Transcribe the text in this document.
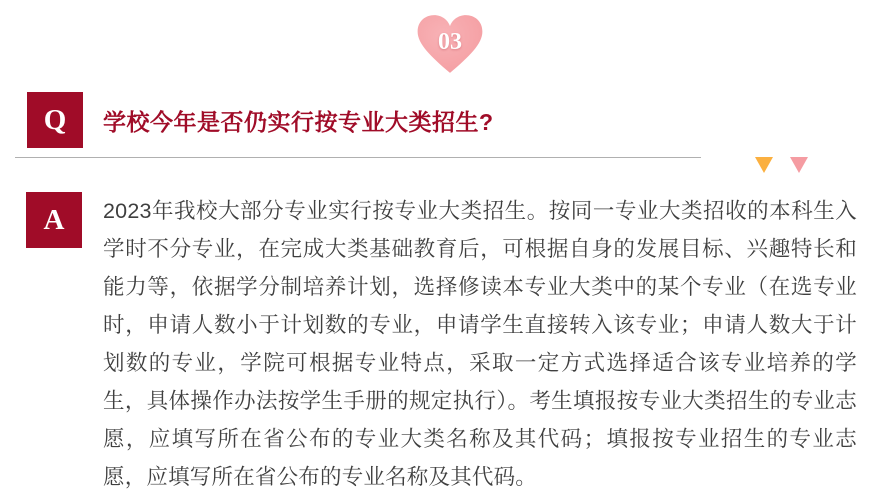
03
Q 学校今年是否仍实行按专业大类招生?
A 2023年我校大部分专业实行按专业大类招生。按同一专业大类招收的本科生入学时不分专业，在完成大类基础教育后，可根据自身的发展目标、兴趣特长和能力等，依据学分制培养计划，选择修读本专业大类中的某个专业（在选专业时，申请人数小于计划数的专业，申请学生直接转入该专业；申请人数大于计划数的专业，学院可根据专业特点，采取一定方式选择适合该专业培养的学生，具体操作办法按学生手册的规定执行）。考生填报按专业大类招生的专业志愿，应填写所在省公布的专业大类名称及其代码；填报按专业招生的专业志愿，应填写所在省公布的专业名称及其代码。
